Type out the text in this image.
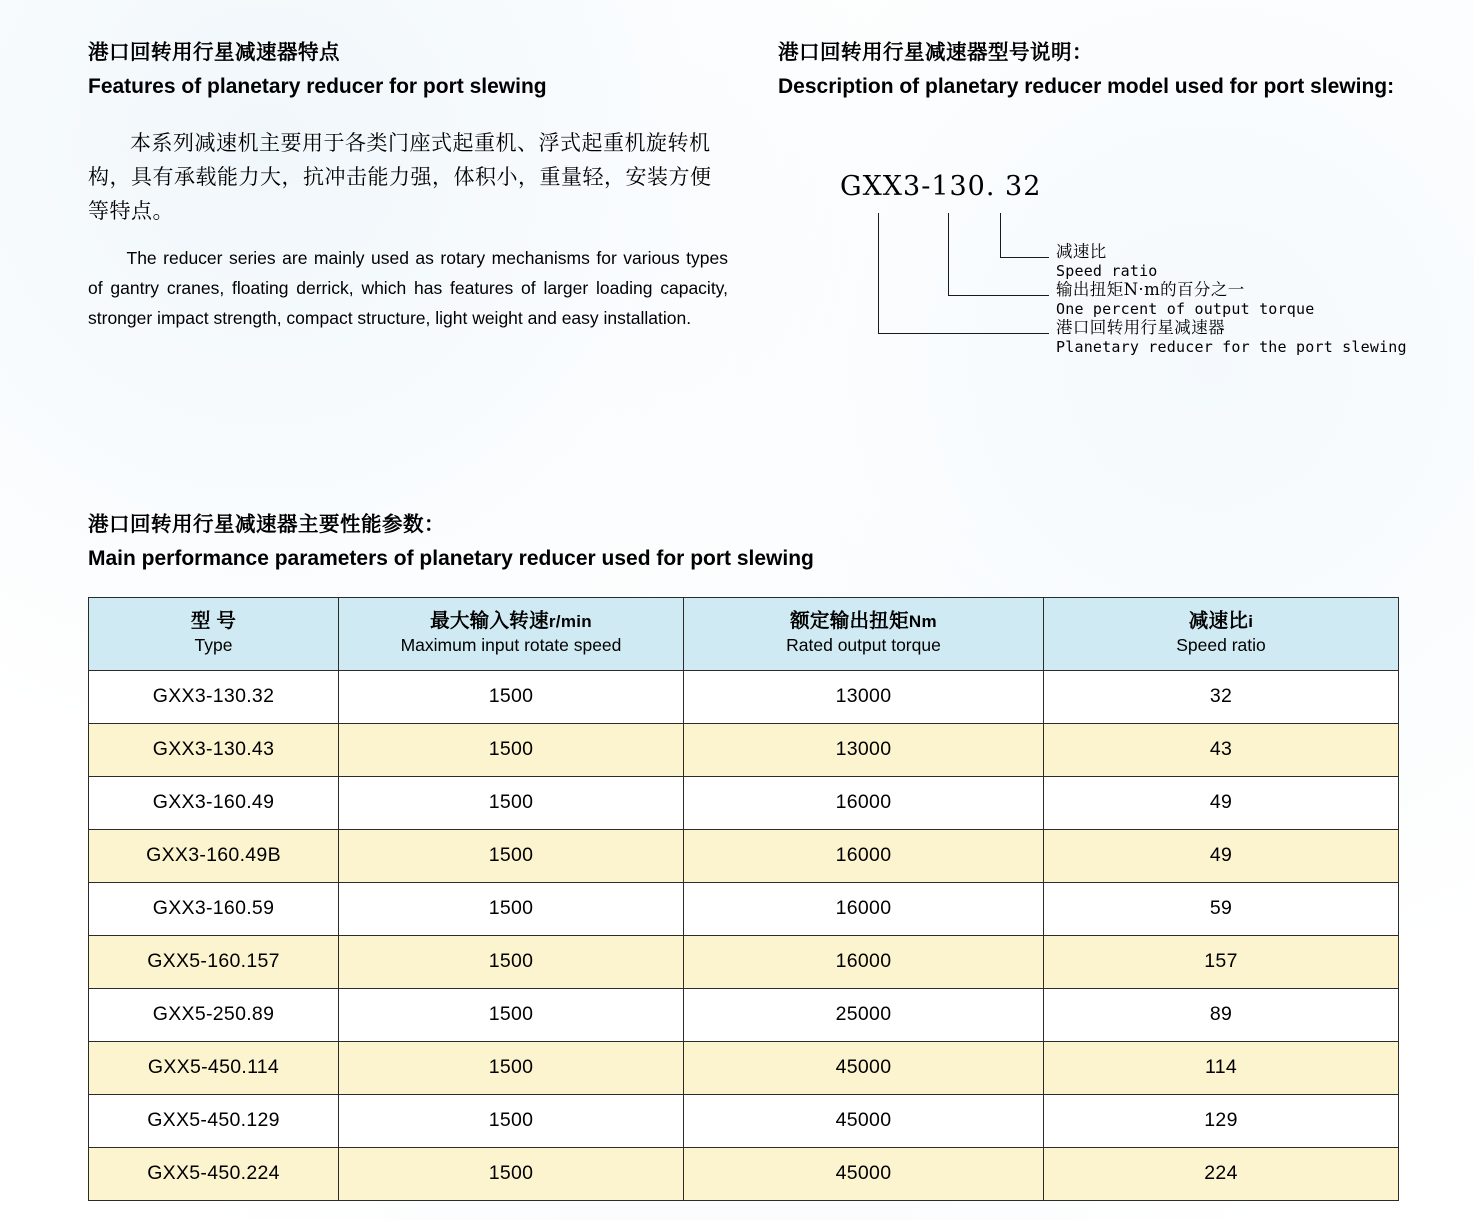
港口回转用行星减速器特点
Features of planetary reducer for port slewing

本系列减速机主要用于各类门座式起重机、浮式起重机旋转机构，具有承载能力大，抗冲击能力强，体积小，重量轻，安装方便等特点。

The reducer series are mainly used as rotary mechanisms for various types of gantry cranes, floating derrick, which has features of larger loading capacity, stronger impact strength, compact structure, light weight and easy installation.

港口回转用行星减速器型号说明：
Description of planetary reducer model used for port slewing:
GXX3-130. 32
减速比
Speed ratio
输出扭矩N·m的百分之一
One percent of output torque
港口回转用行星减速器
Planetary reducer for the port slewing
港口回转用行星减速器主要性能参数：
Main performance parameters of planetary reducer used for port slewing
型 号
Type

最大输入转速r/min
Maximum input rotate speed

额定输出扭矩Nm
Rated output torque

减速比i
Speed ratio

GXX3-130.32	1500	13000	32
GXX3-130.43	1500	13000	43
GXX3-160.49	1500	16000	49
GXX3-160.49B	1500	16000	49
GXX3-160.59	1500	16000	59
GXX5-160.157	1500	16000	157
GXX5-250.89	1500	25000	89
GXX5-450.114	1500	45000	114
GXX5-450.129	1500	45000	129
GXX5-450.224	1500	45000	224
